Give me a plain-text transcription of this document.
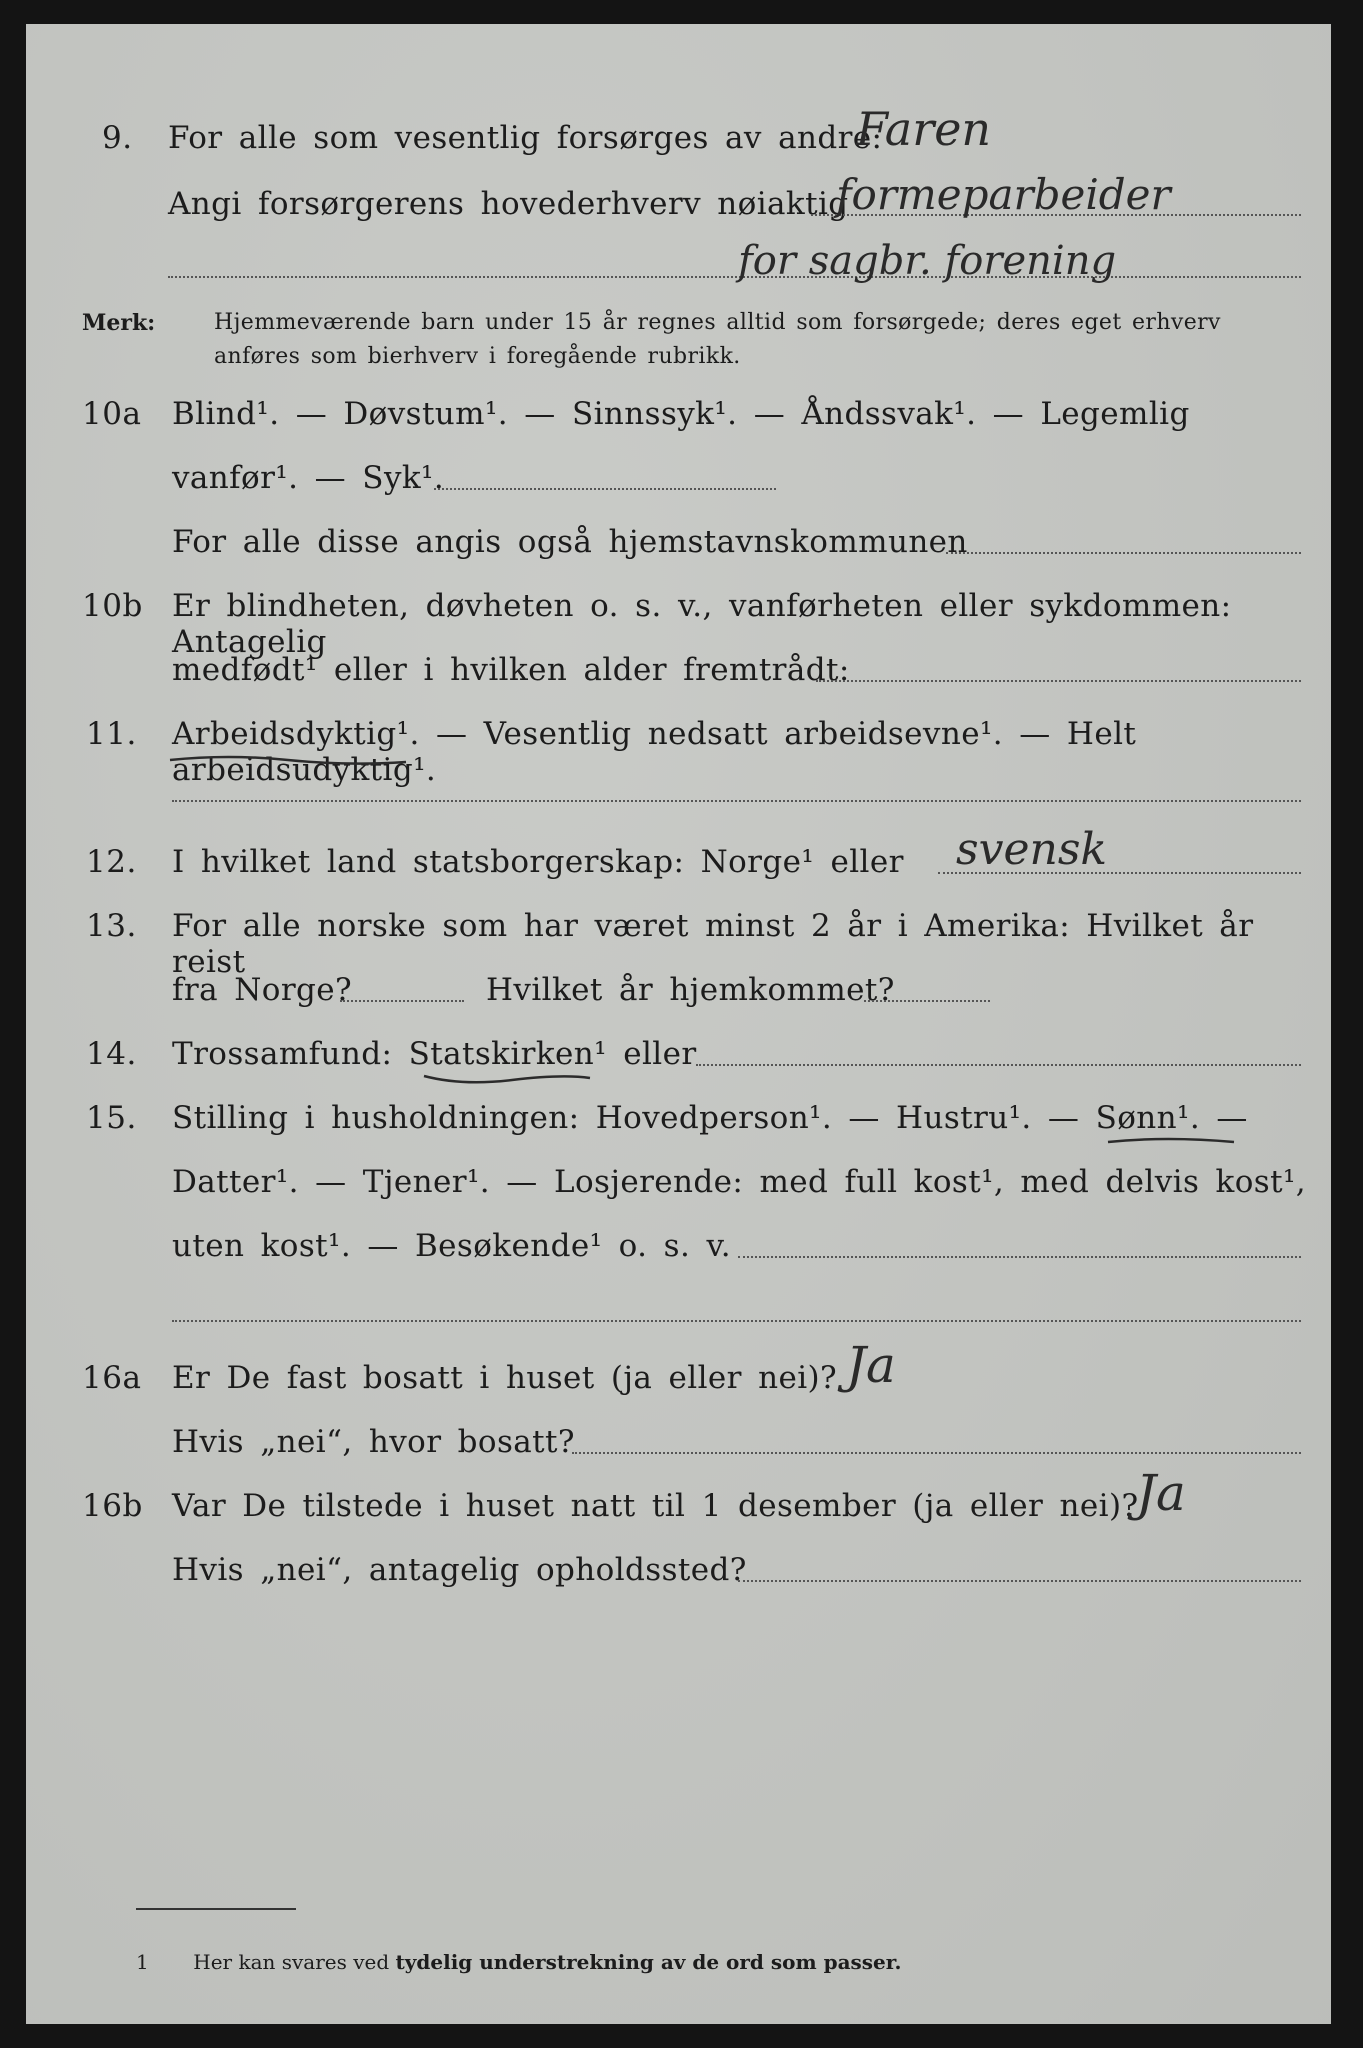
9. For alle som vesentlig forsørges av andre:
Faren
Angi forsørgerens hovederhverv nøiaktig
formeparbeider
for sagbr. forening
Merk:	Hjemmeværende barn under 15 år regnes alltid som forsørgede; deres eget erhverv
anføres som bierhverv i foregående rubrikk.
10a Blind¹. — Døvstum¹. — Sinnssyk¹. — Åndssvak¹. — Legemlig
vanfør¹. — Syk¹.
For alle disse angis også hjemstavnskommunen
10b Er blindheten, døvheten o. s. v., vanførheten eller sykdommen: Antagelig
medfødt¹ eller i hvilken alder fremtrådt:
11. Arbeidsdyktig¹. — Vesentlig nedsatt arbeidsevne¹. — Helt arbeidsudyktig¹.
12. I hvilket land statsborgerskap: Norge¹ eller svensk
13. For alle norske som har været minst 2 år i Amerika: Hvilket år reist
fra Norge?	Hvilket år hjemkommet?
14. Trossamfund: Statskirken¹ eller
15. Stilling i husholdningen: Hovedperson¹. — Hustru¹. — Sønn¹. —
Datter¹. — Tjener¹. — Losjerende: med full kost¹, med delvis kost¹,
uten kost¹. — Besøkende¹ o. s. v.
16a Er De fast bosatt i huset (ja eller nei)? Ja
Hvis „nei“, hvor bosatt?
16b Var De tilstede i huset natt til 1 desember (ja eller nei)?
Ja
Hvis „nei“, antagelig opholdssted?
1 Her kan svares ved tydelig understrekning av de ord som passer.
